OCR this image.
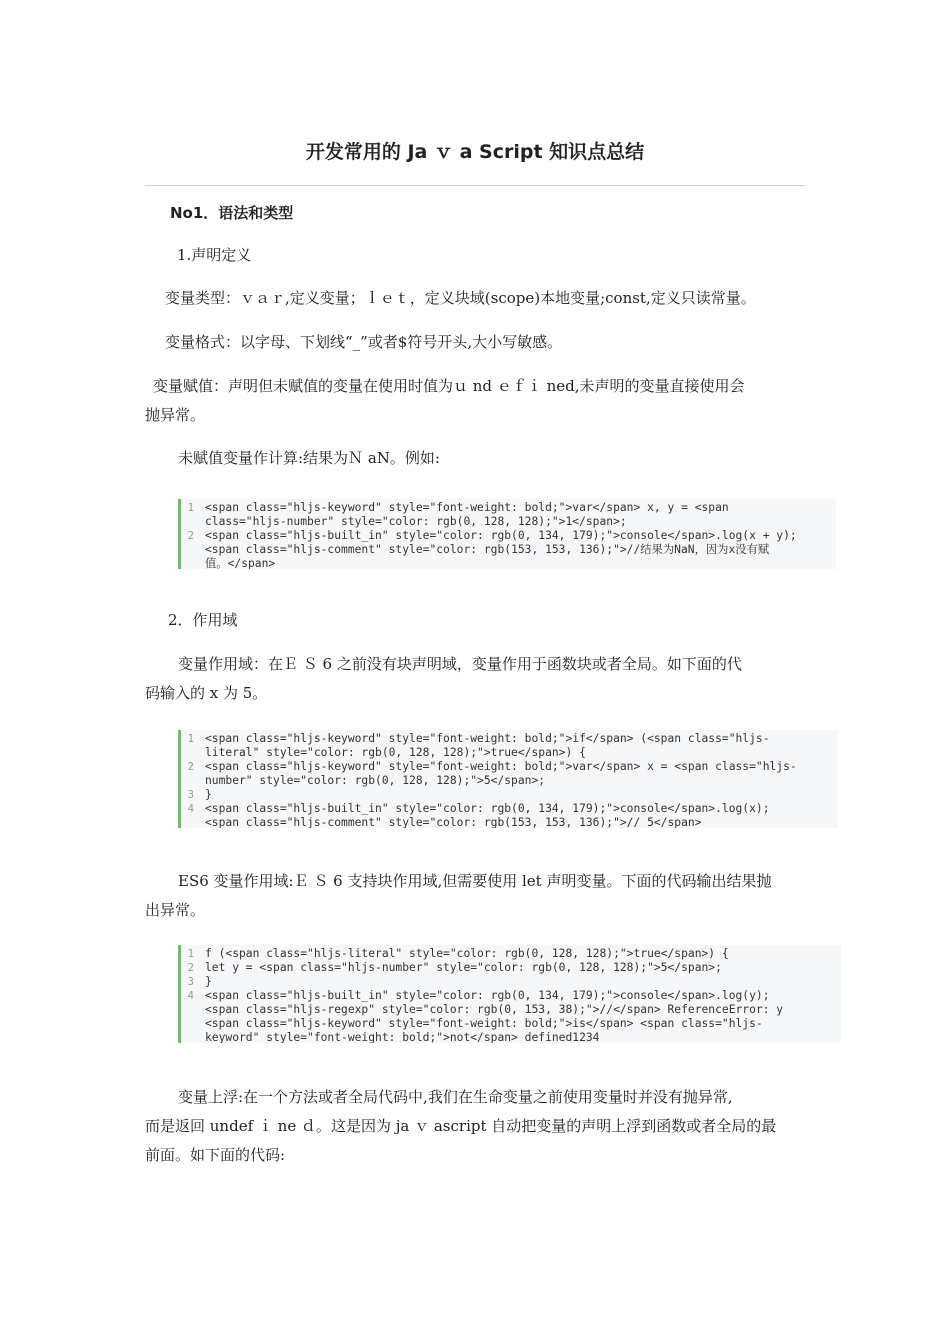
开发常用的 Ja ｖ a Script 知识点总结
No1．语法和类型

1.声明定义

变量类型：ｖａｒ,定义变量；ｌｅｔ，定义块域(scope)本地变量;const,定义只读常量。

变量格式：以字母、下划线“_”或者$符号开头,大小写敏感。

变量赋值：声明但未赋值的变量在使用时值为ｕ nd ｅｆｉ ned,未声明的变量直接使用会

抛异常。

未赋值变量作计算:结果为Ｎ aN。例如:

1 <span class="hljs-keyword" style="font-weight: bold;">var</span> x, y = <span
class="hljs-number" style="color: rgb(0, 128, 128);">1</span>;
2 <span class="hljs-built_in" style="color: rgb(0, 134, 179);">console</span>.log(x + y);
<span class="hljs-comment" style="color: rgb(153, 153, 136);">//结果为NaN，因为x没有赋
值。</span>

2．作用域

变量作用域：在Ｅ Ｓ 6 之前没有块声明域，变量作用于函数块或者全局。如下面的代

码输入的 x 为 5。

1 <span class="hljs-keyword" style="font-weight: bold;">if</span> (<span class="hljs-
literal" style="color: rgb(0, 128, 128);">true</span>) {
2 <span class="hljs-keyword" style="font-weight: bold;">var</span> x = <span class="hljs-
number" style="color: rgb(0, 128, 128);">5</span>;
3 }
4 <span class="hljs-built_in" style="color: rgb(0, 134, 179);">console</span>.log(x);
<span class="hljs-comment" style="color: rgb(153, 153, 136);">// 5</span>

ES6 变量作用域:Ｅ Ｓ 6 支持块作用域,但需要使用 let 声明变量。下面的代码输出结果抛

出异常。

1 f (<span class="hljs-literal" style="color: rgb(0, 128, 128);">true</span>) {
2 let y = <span class="hljs-number" style="color: rgb(0, 128, 128);">5</span>;
3 }
4 <span class="hljs-built_in" style="color: rgb(0, 134, 179);">console</span>.log(y);
<span class="hljs-regexp" style="color: rgb(0, 153, 38);">//</span> ReferenceError: y
<span class="hljs-keyword" style="font-weight: bold;">is</span> <span class="hljs-
keyword" style="font-weight: bold;">not</span> defined1234

变量上浮:在一个方法或者全局代码中,我们在生命变量之前使用变量时并没有抛异常,

而是返回 undef ｉ ne ｄ。这是因为 ja ｖ ascript 自动把变量的声明上浮到函数或者全局的最

前面。如下面的代码:
